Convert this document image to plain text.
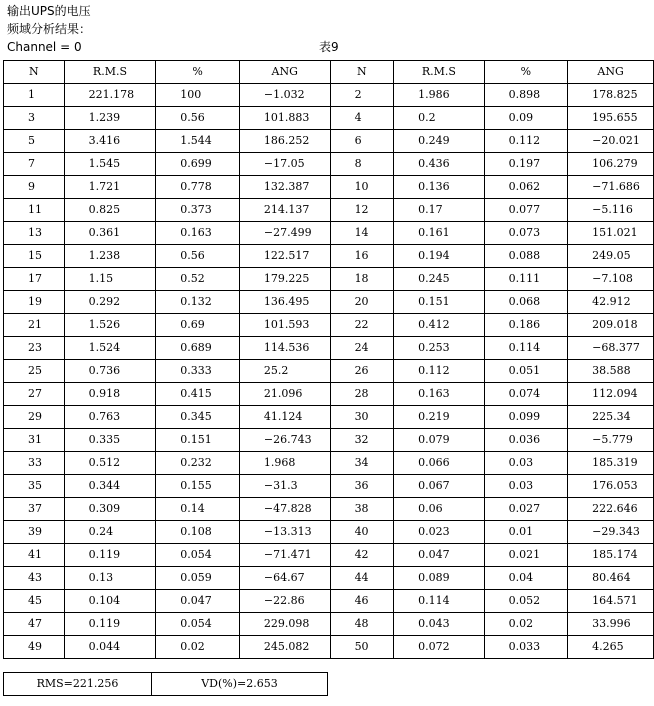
输出UPS的电压
频域分析结果：
Channel = 0	表9
N	R.M.S	%	ANG	N	R.M.S	%	ANG
1	221.178	100	−1.032	2	1.986	0.898	178.825
3	1.239	0.56	101.883	4	0.2	0.09	195.655
5	3.416	1.544	186.252	6	0.249	0.112	−20.021
7	1.545	0.699	−17.05	8	0.436	0.197	106.279
9	1.721	0.778	132.387	10	0.136	0.062	−71.686
11	0.825	0.373	214.137	12	0.17	0.077	−5.116
13	0.361	0.163	−27.499	14	0.161	0.073	151.021
15	1.238	0.56	122.517	16	0.194	0.088	249.05
17	1.15	0.52	179.225	18	0.245	0.111	−7.108
19	0.292	0.132	136.495	20	0.151	0.068	42.912
21	1.526	0.69	101.593	22	0.412	0.186	209.018
23	1.524	0.689	114.536	24	0.253	0.114	−68.377
25	0.736	0.333	25.2	26	0.112	0.051	38.588
27	0.918	0.415	21.096	28	0.163	0.074	112.094
29	0.763	0.345	41.124	30	0.219	0.099	225.34
31	0.335	0.151	−26.743	32	0.079	0.036	−5.779
33	0.512	0.232	1.968	34	0.066	0.03	185.319
35	0.344	0.155	−31.3	36	0.067	0.03	176.053
37	0.309	0.14	−47.828	38	0.06	0.027	222.646
39	0.24	0.108	−13.313	40	0.023	0.01	−29.343
41	0.119	0.054	−71.471	42	0.047	0.021	185.174
43	0.13	0.059	−64.67	44	0.089	0.04	80.464
45	0.104	0.047	−22.86	46	0.114	0.052	164.571
47	0.119	0.054	229.098	48	0.043	0.02	33.996
49	0.044	0.02	245.082	50	0.072	0.033	4.265
RMS=221.256	VD(%)=2.653
